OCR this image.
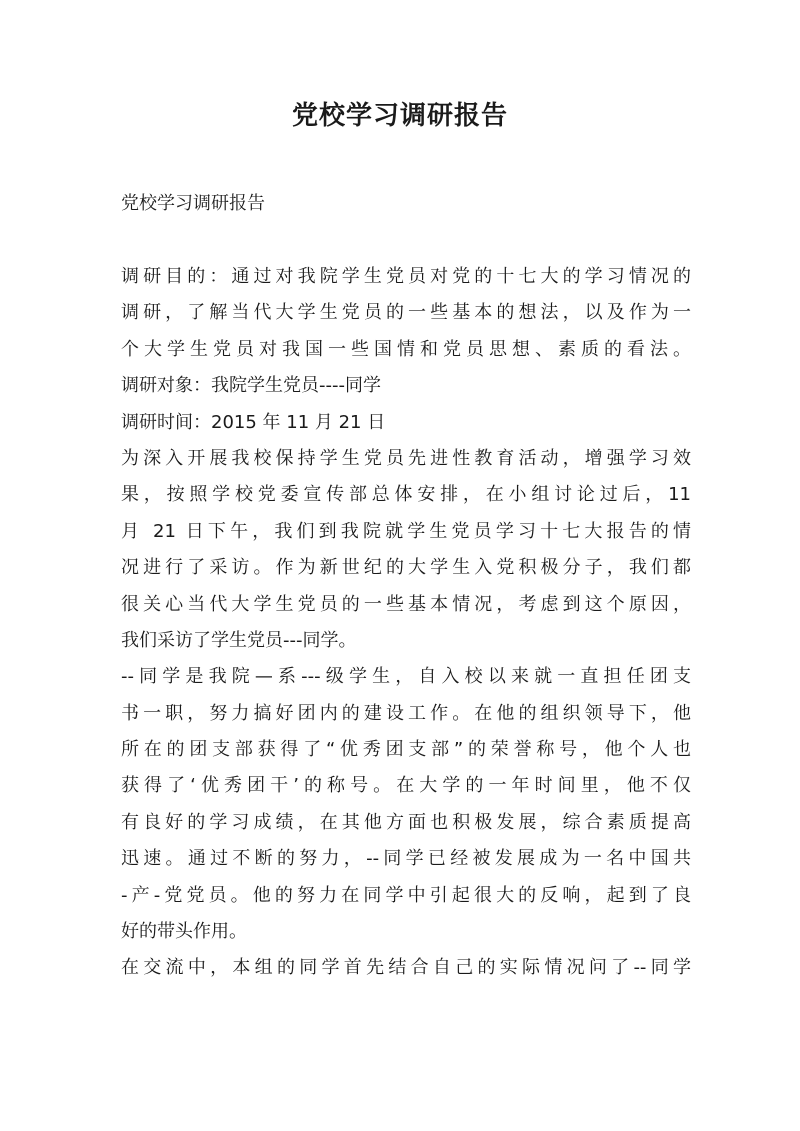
党校学习调研报告

党校学习调研报告

调研目的：通过对我院学生党员对党的十七大的学习情况的
调研，了解当代大学生党员的一些基本的想法，以及作为一
个大学生党员对我国一些国情和党员思想、素质的看法。
调研对象：我院学生党员----同学
调研时间：2015 年 11 月 21 日
为深入开展我校保持学生党员先进性教育活动，增强学习效
果，按照学校党委宣传部总体安排，在小组讨论过后，11
月 21 日下午，我们到我院就学生党员学习十七大报告的情
况进行了采访。作为新世纪的大学生入党积极分子，我们都
很关心当代大学生党员的一些基本情况，考虑到这个原因，
我们采访了学生党员---同学。
--同学是我院—系---级学生，自入校以来就一直担任团支
书一职，努力搞好团内的建设工作。在他的组织领导下，他
所在的团支部获得了“优秀团支部”的荣誉称号，他个人也
获得了‘优秀团干’的称号。在大学的一年时间里，他不仅
有良好的学习成绩，在其他方面也积极发展，综合素质提高
迅速。通过不断的努力，--同学已经被发展成为一名中国共
-产-党党员。他的努力在同学中引起很大的反响，起到了良
好的带头作用。
在交流中，本组的同学首先结合自己的实际情况问了--同学
